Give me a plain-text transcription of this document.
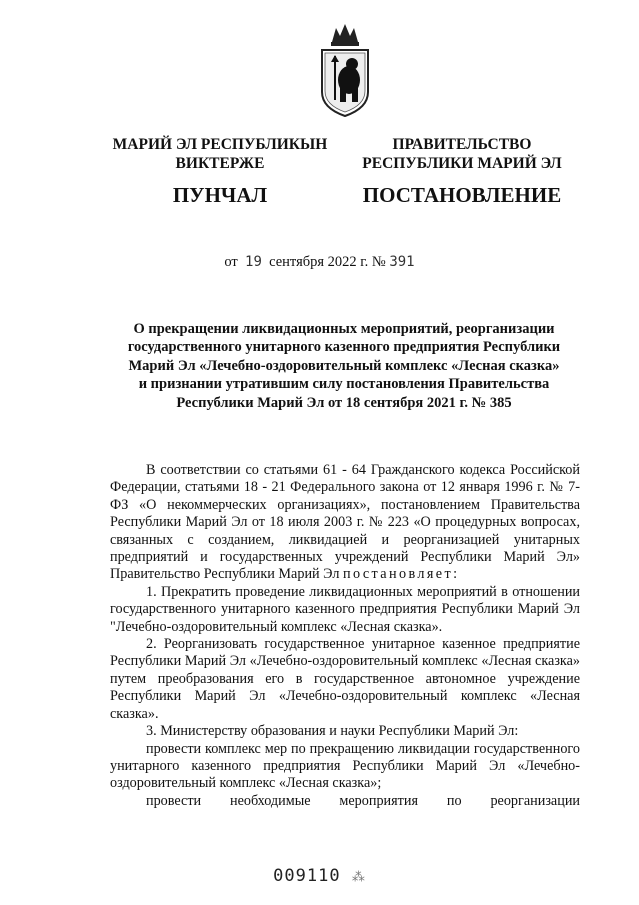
МАРИЙ ЭЛ РЕСПУБЛИКЫН
ВИКТЕРЖЕ
ПРАВИТЕЛЬСТВО
РЕСПУБЛИКИ МАРИЙ ЭЛ
ПУНЧАЛ	ПОСТАНОВЛЕНИЕ
от 19 сентября 2022 г. № 391
О прекращении ликвидационных мероприятий, реорганизации
государственного унитарного казенного предприятия Республики
Марий Эл «Лечебно-оздоровительный комплекс «Лесная сказка»
и признании утратившим силу постановления Правительства
Республики Марий Эл от 18 сентября 2021 г. № 385

В соответствии со статьями 61 - 64 Гражданского кодекса Российской Федерации, статьями 18 - 21 Федерального закона от 12 января 1996 г. № 7-ФЗ «О некоммерческих организациях», постановлением Правительства Республики Марий Эл от 18 июля 2003 г. № 223 «О процедурных вопросах, связанных с созданием, ликвидацией и реорганизацией унитарных предприятий и государственных учреждений Республики Марий Эл» Правительство Республики Марий Эл постановляет:

1. Прекратить проведение ликвидационных мероприятий в отношении государственного унитарного казенного предприятия Республики Марий Эл "Лечебно-оздоровительный комплекс «Лесная сказка».

2. Реорганизовать государственное унитарное казенное предприятие Республики Марий Эл «Лечебно-оздоровительный комплекс «Лесная сказка» путем преобразования его в государственное автономное учреждение Республики Марий Эл «Лечебно-оздоровительный комплекс «Лесная сказка».

3. Министерству образования и науки Республики Марий Эл:

провести комплекс мер по прекращению ликвидации государственного унитарного казенного предприятия Республики Марий Эл «Лечебно-оздоровительный комплекс «Лесная сказка»;

провести необходимые мероприятия по реорганизации

009110 ⁂
